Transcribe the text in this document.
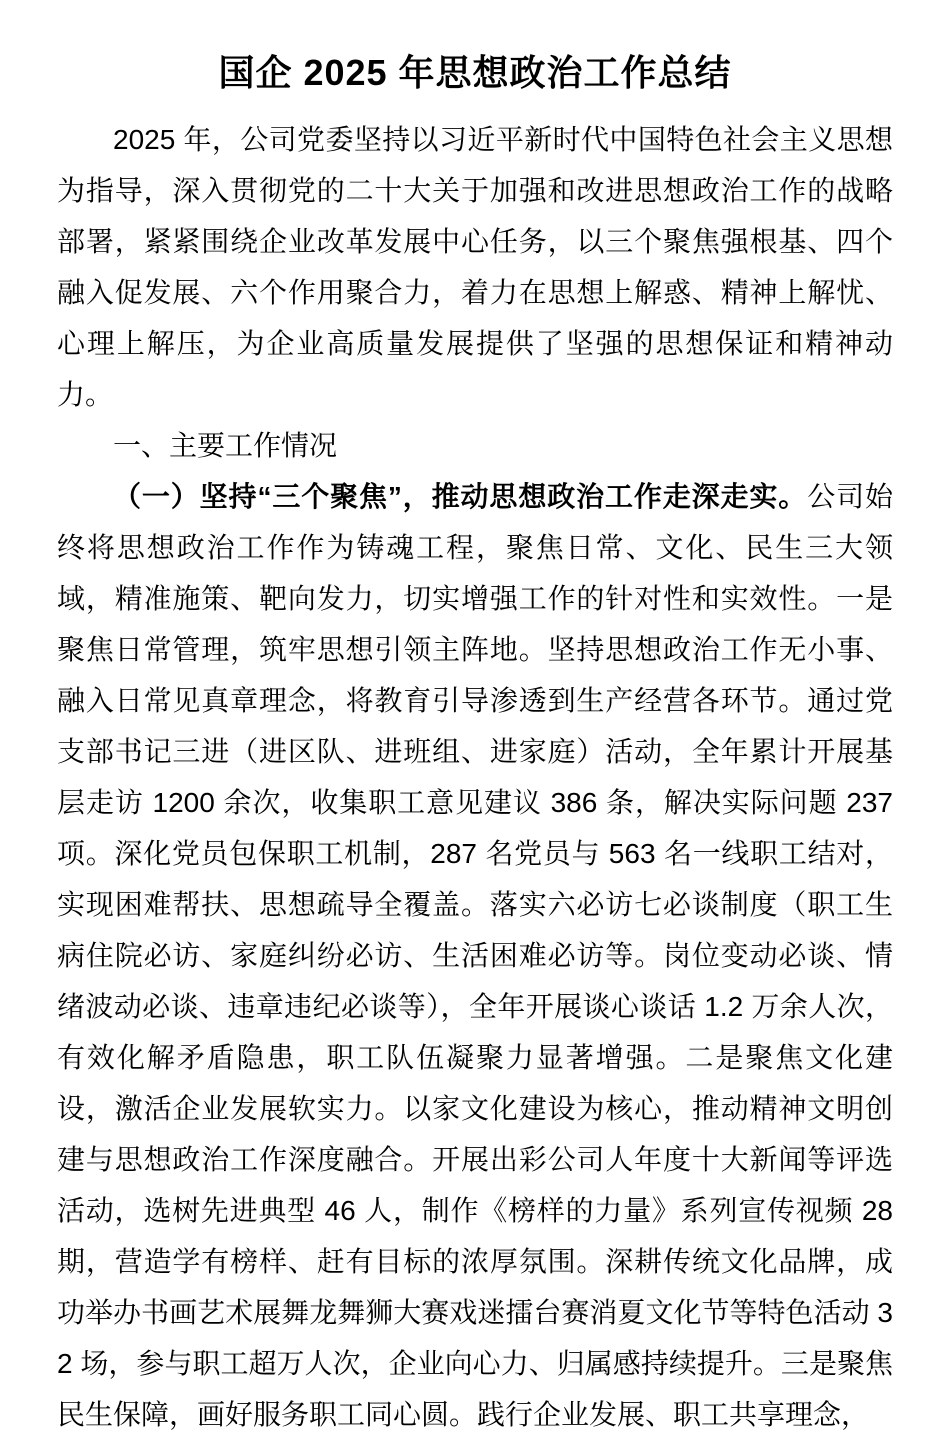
国企 2025 年思想政治工作总结

2025 年，公司党委坚持以习近平新时代中国特色社会主义思想为指导，深入贯彻党的二十大关于加强和改进思想政治工作的战略部署，紧紧围绕企业改革发展中心任务，以三个聚焦强根基、四个融入促发展、六个作用聚合力，着力在思想上解惑、精神上解忧、心理上解压，为企业高质量发展提供了坚强的思想保证和精神动力。

一、主要工作情况

（一）坚持“三个聚焦”，推动思想政治工作走深走实。公司始终将思想政治工作作为铸魂工程，聚焦日常、文化、民生三大领域，精准施策、靶向发力，切实增强工作的针对性和实效性。一是聚焦日常管理，筑牢思想引领主阵地。坚持思想政治工作无小事、融入日常见真章理念，将教育引导渗透到生产经营各环节。通过党支部书记三进（进区队、进班组、进家庭）活动，全年累计开展基层走访 1200 余次，收集职工意见建议 386 条，解决实际问题 237 项。深化党员包保职工机制，287 名党员与 563 名一线职工结对，实现困难帮扶、思想疏导全覆盖。落实六必访七必谈制度（职工生病住院必访、家庭纠纷必访、生活困难必访等。岗位变动必谈、情绪波动必谈、违章违纪必谈等），全年开展谈心谈话 1.2 万余人次，有效化解矛盾隐患，职工队伍凝聚力显著增强。二是聚焦文化建设，激活企业发展软实力。以家文化建设为核心，推动精神文明创建与思想政治工作深度融合。开展出彩公司人年度十大新闻等评选活动，选树先进典型 46 人，制作《榜样的力量》系列宣传视频 28 期，营造学有榜样、赶有目标的浓厚氛围。深耕传统文化品牌，成功举办书画艺术展舞龙舞狮大赛戏迷擂台赛消夏文化节等特色活动 32 场，参与职工超万人次，企业向心力、归属感持续提升。三是聚焦民生保障，画好服务职工同心圆。践行企业发展、职工共享理念，
